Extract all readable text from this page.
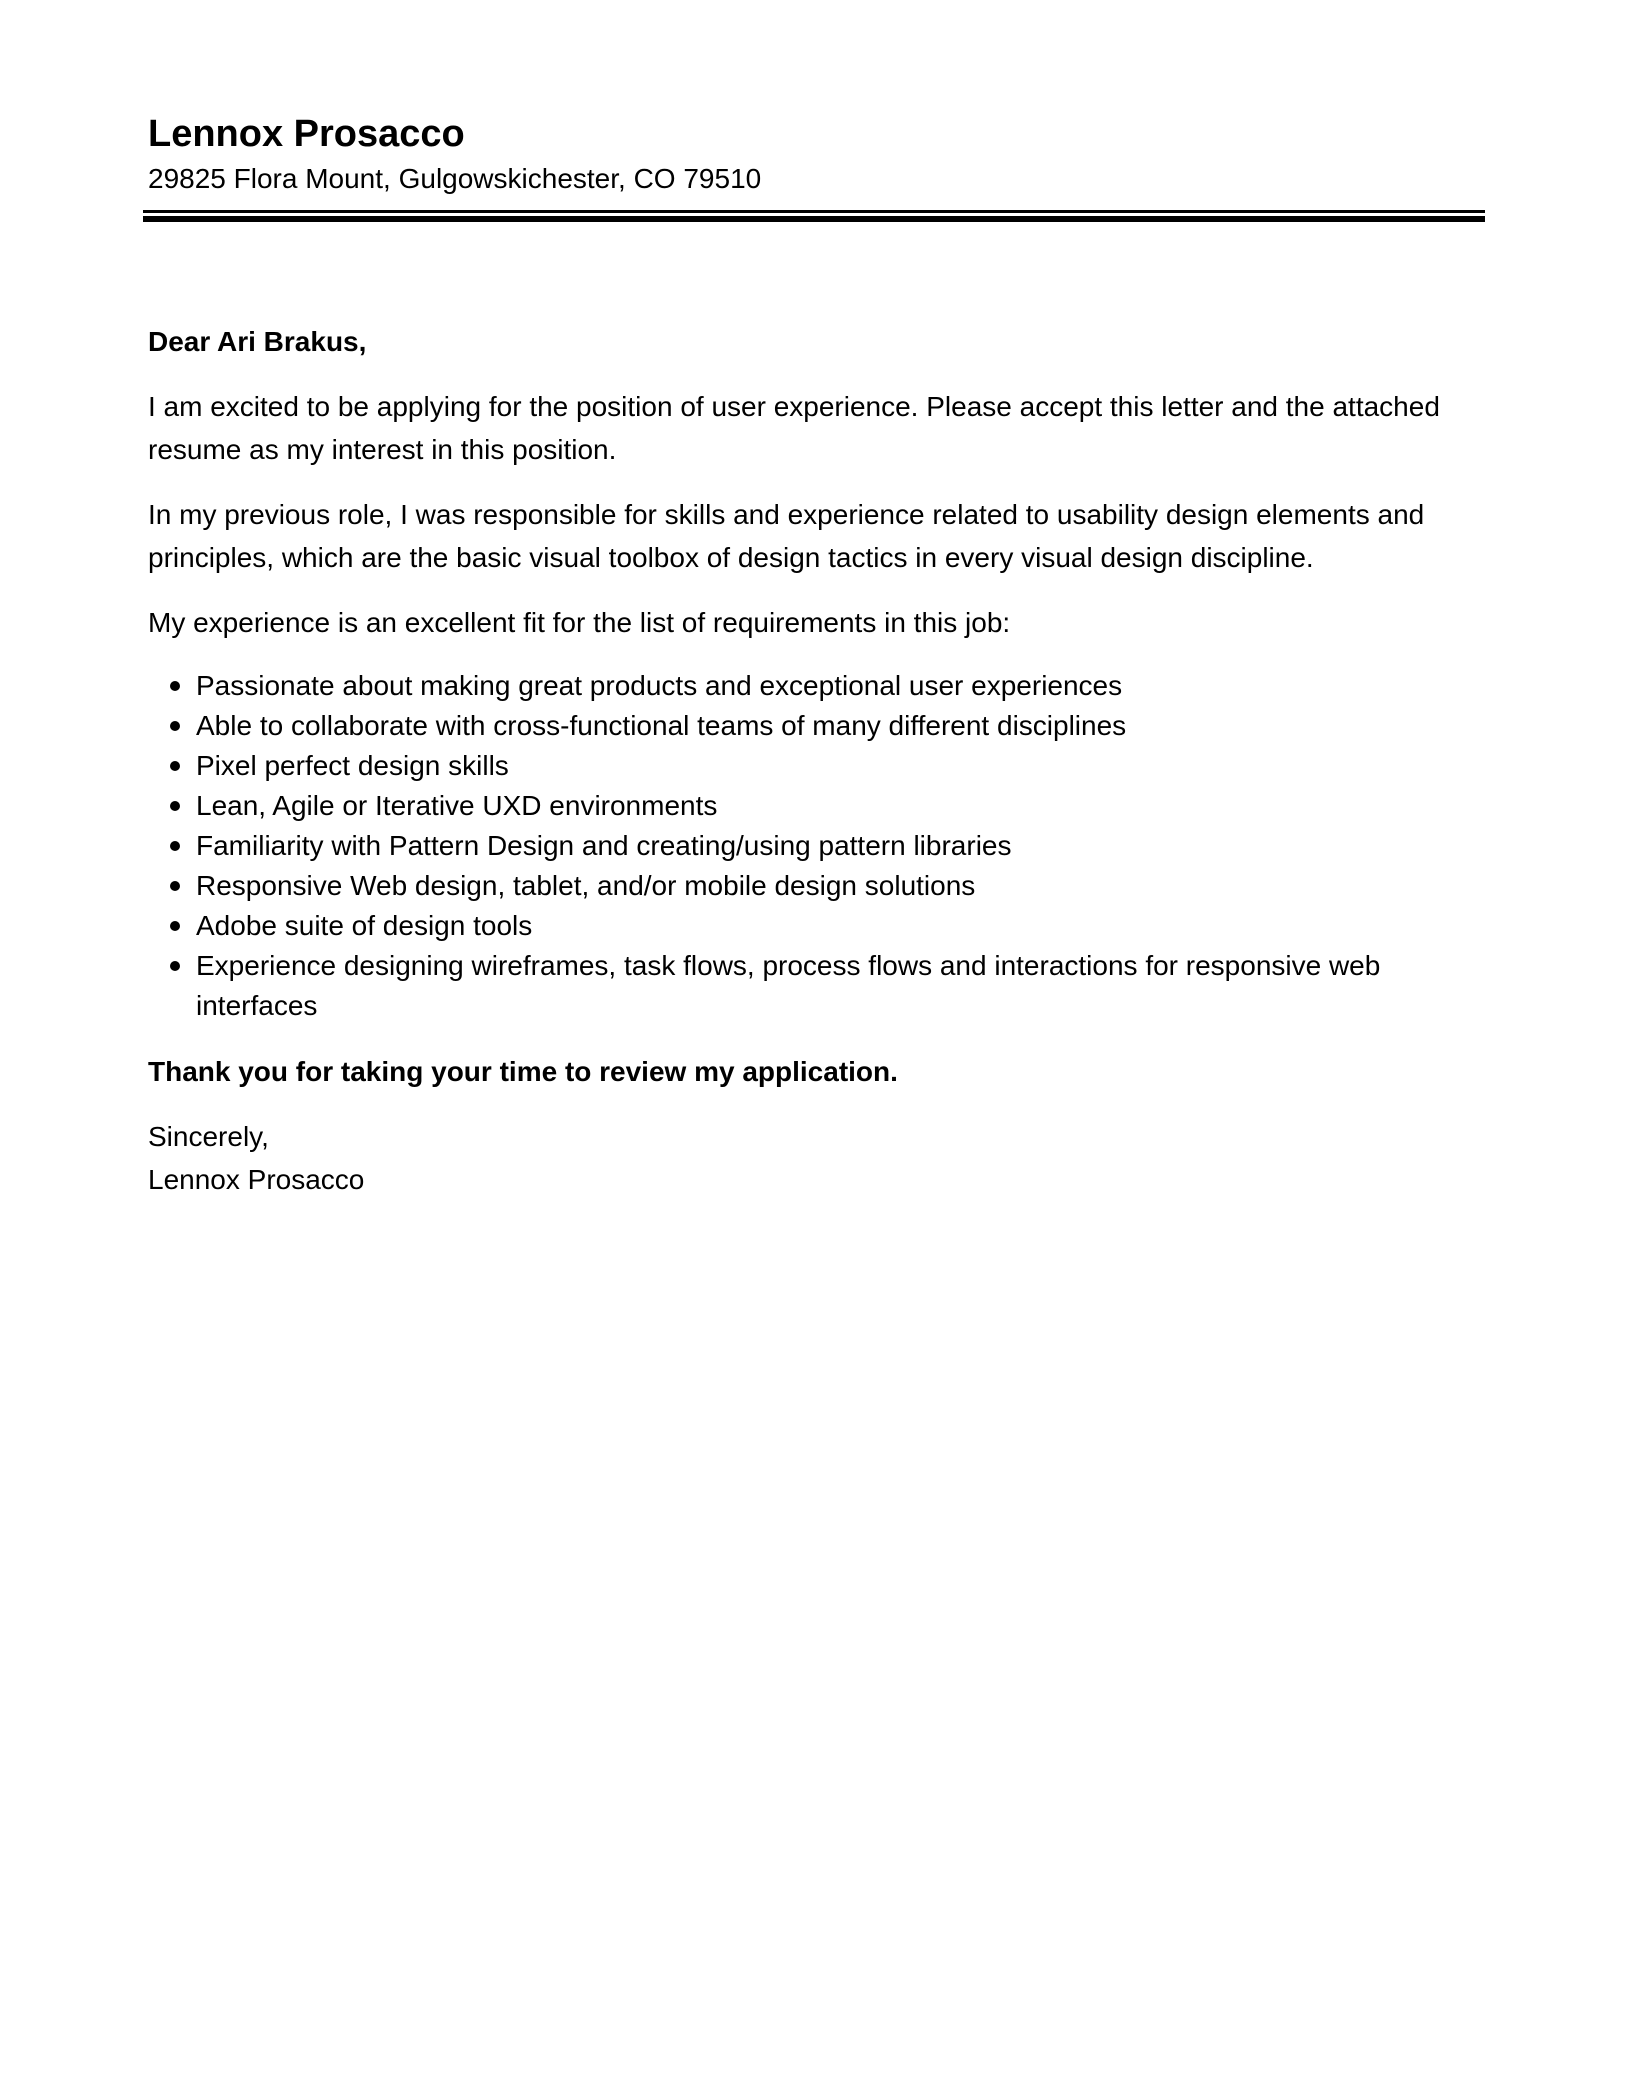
Lennox Prosacco
29825 Flora Mount, Gulgowskichester, CO 79510

Dear Ari Brakus,

I am excited to be applying for the position of user experience. Please accept this letter and the attached resume as my interest in this position.

In my previous role, I was responsible for skills and experience related to usability design elements and principles, which are the basic visual toolbox of design tactics in every visual design discipline.

My experience is an excellent fit for the list of requirements in this job:

Passionate about making great products and exceptional user experiences
Able to collaborate with cross-functional teams of many different disciplines
Pixel perfect design skills
Lean, Agile or Iterative UXD environments
Familiarity with Pattern Design and creating/using pattern libraries
Responsive Web design, tablet, and/or mobile design solutions
Adobe suite of design tools
Experience designing wireframes, task flows, process flows and interactions for responsive web interfaces

Thank you for taking your time to review my application.

Sincerely,

Lennox Prosacco
